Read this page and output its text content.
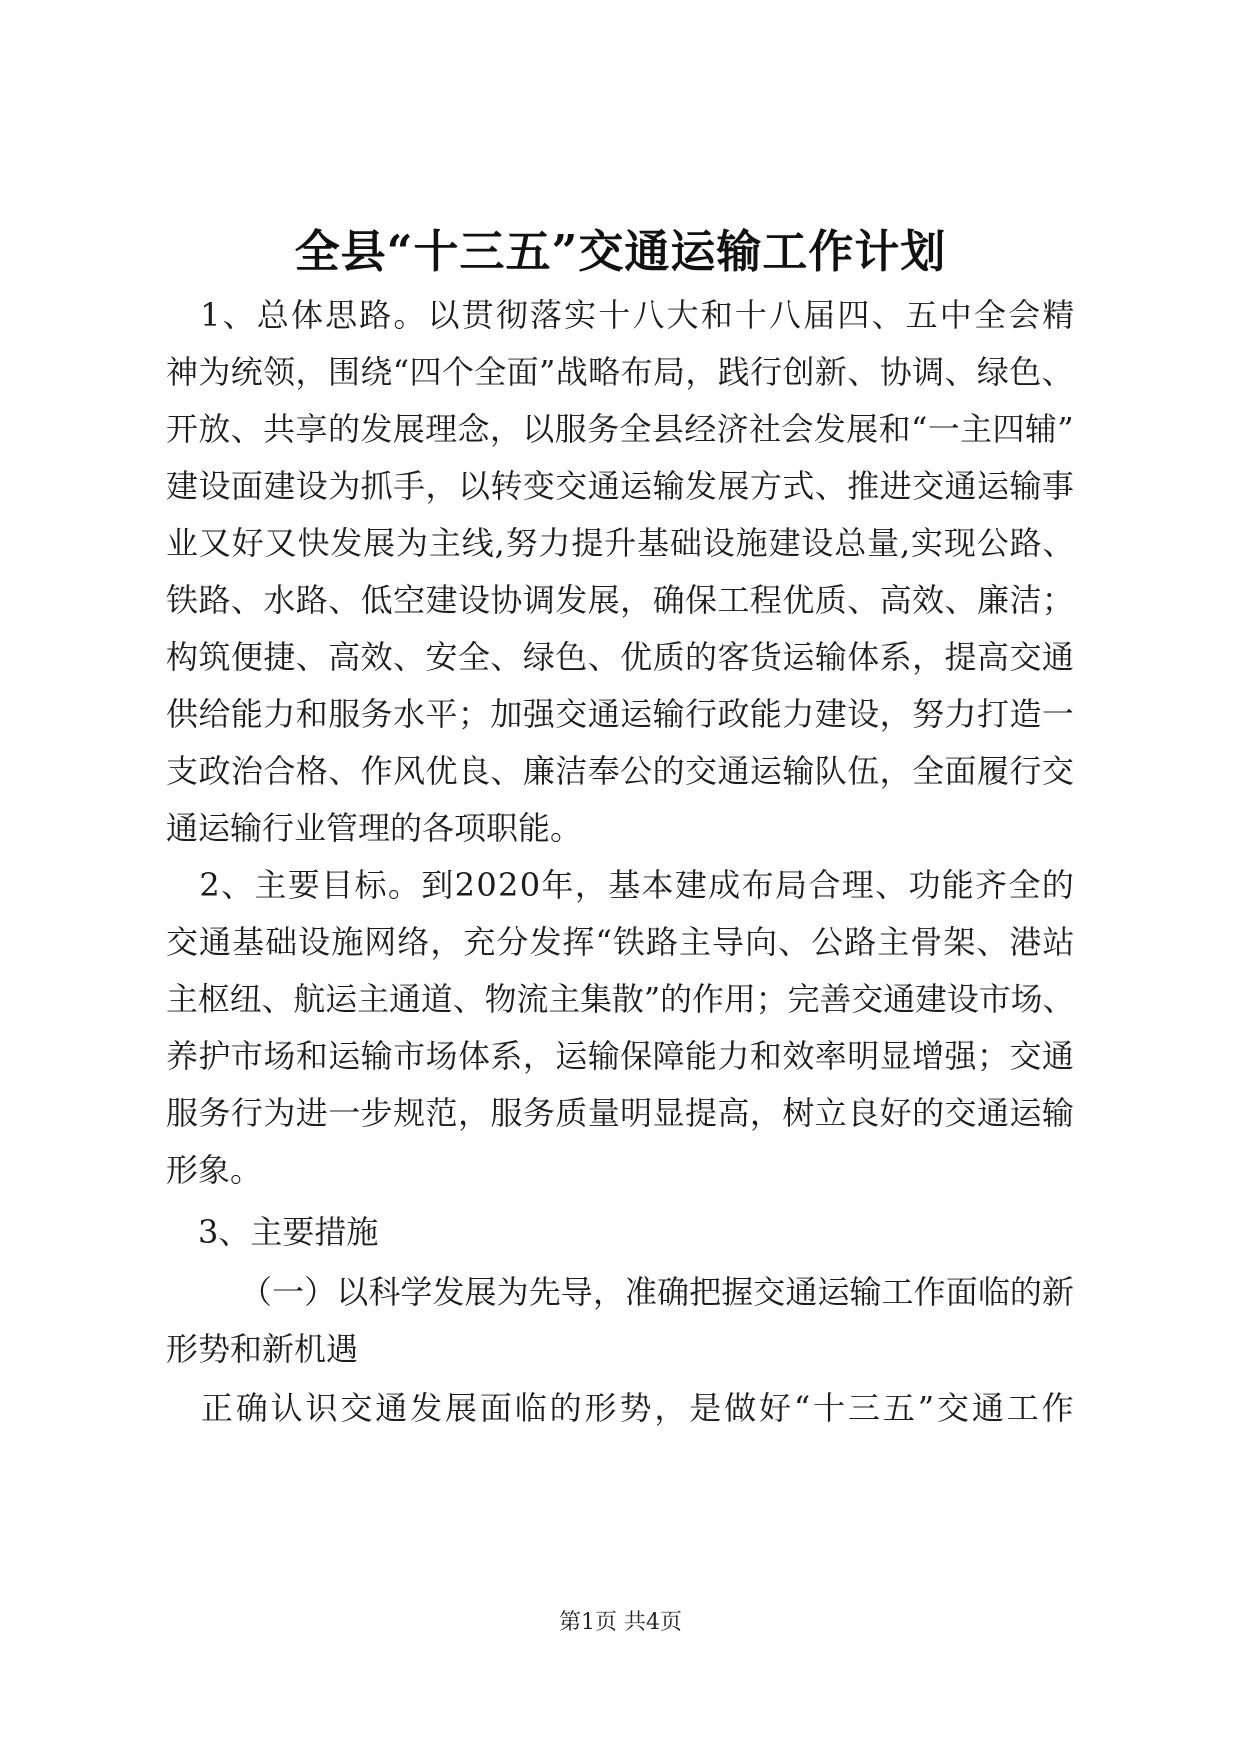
全县“十三五”交通运输工作计划
　1、总体思路。以贯彻落实十八大和十八届四、五中全会精
神为统领，围绕“四个全面”战略布局，践行创新、协调、绿色、
开放、共享的发展理念，以服务全县经济社会发展和“一主四辅”
建设面建设为抓手，以转变交通运输发展方式、推进交通运输事
业又好又快发展为主线,努力提升基础设施建设总量,实现公路、
铁路、水路、低空建设协调发展，确保工程优质、高效、廉洁；
构筑便捷、高效、安全、绿色、优质的客货运输体系，提高交通
供给能力和服务水平；加强交通运输行政能力建设，努力打造一
支政治合格、作风优良、廉洁奉公的交通运输队伍，全面履行交
通运输行业管理的各项职能。
　2、主要目标。到2020年，基本建成布局合理、功能齐全的
交通基础设施网络，充分发挥“铁路主导向、公路主骨架、港站
主枢纽、航运主通道、物流主集散”的作用；完善交通建设市场、
养护市场和运输市场体系，运输保障能力和效率明显增强；交通
服务行为进一步规范，服务质量明显提高，树立良好的交通运输
形象。
　3、主要措施
（一）以科学发展为先导，准确把握交通运输工作面临的新
形势和新机遇
　正确认识交通发展面临的形势，是做好“十三五”交通工作
第1页 共4页
